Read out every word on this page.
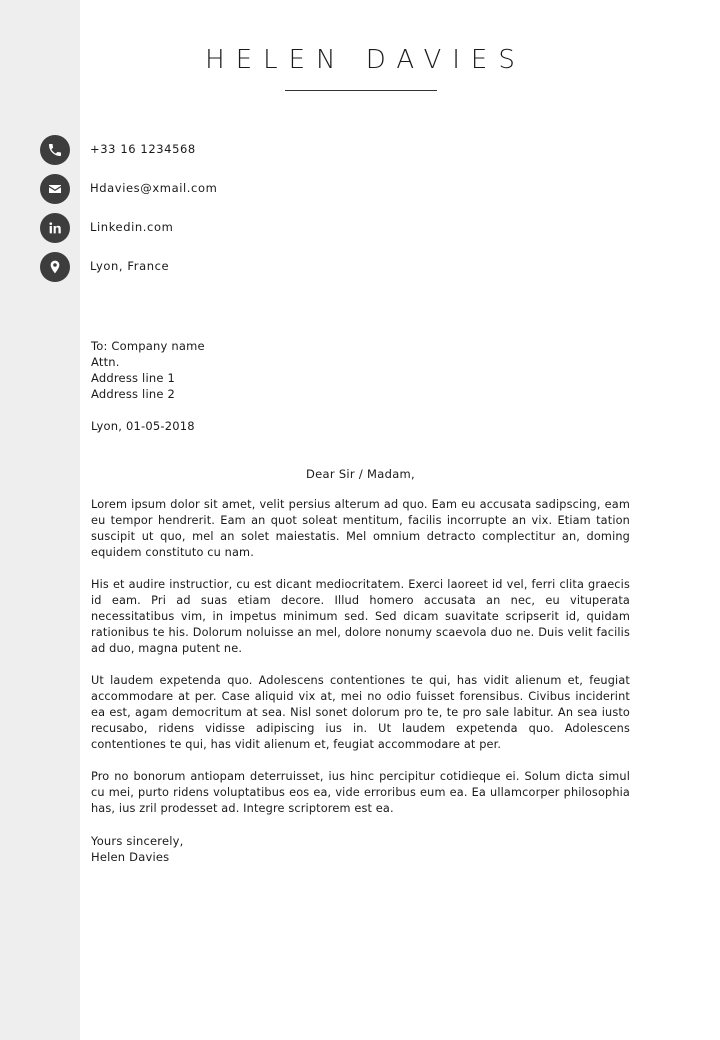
HELEN DAVIES
+33 16 1234568
Hdavies@xmail.com
Linkedin.com
Lyon, France
To: Company name
Attn.
Address line 1
Address line 2
Lyon, 01-05-2018
Dear Sir / Madam,

Lorem ipsum dolor sit amet, velit persius alterum ad quo. Eam eu accusata sadipscing, eam eu tempor hendrerit. Eam an quot soleat mentitum, facilis incorrupte an vix. Etiam tation suscipit ut quo, mel an solet maiestatis. Mel omnium detracto complectitur an, doming equidem constituto cu nam.

His et audire instructior, cu est dicant mediocritatem. Exerci laoreet id vel, ferri clita graecis id eam. Pri ad suas etiam decore. Illud homero accusata an nec, eu vituperata necessitatibus vim, in impetus minimum sed. Sed dicam suavitate scripserit id, quidam rationibus te his. Dolorum noluisse an mel, dolore nonumy scaevola duo ne. Duis velit facilis ad duo, magna putent ne.

Ut laudem expetenda quo. Adolescens contentiones te qui, has vidit alienum et, feugiat accommodare at per. Case aliquid vix at, mei no odio fuisset forensibus. Civibus inciderint ea est, agam democritum at sea. Nisl sonet dolorum pro te, te pro sale labitur. An sea iusto recusabo, ridens vidisse adipiscing ius in. Ut laudem expetenda quo. Adolescens contentiones te qui, has vidit alienum et, feugiat accommodare at per.

Pro no bonorum antiopam deterruisset, ius hinc percipitur cotidieque ei. Solum dicta simul cu mei, purto ridens voluptatibus eos ea, vide erroribus eum ea. Ea ullamcorper philosophia has, ius zril prodesset ad. Integre scriptorem est ea.

Yours sincerely,
Helen Davies
